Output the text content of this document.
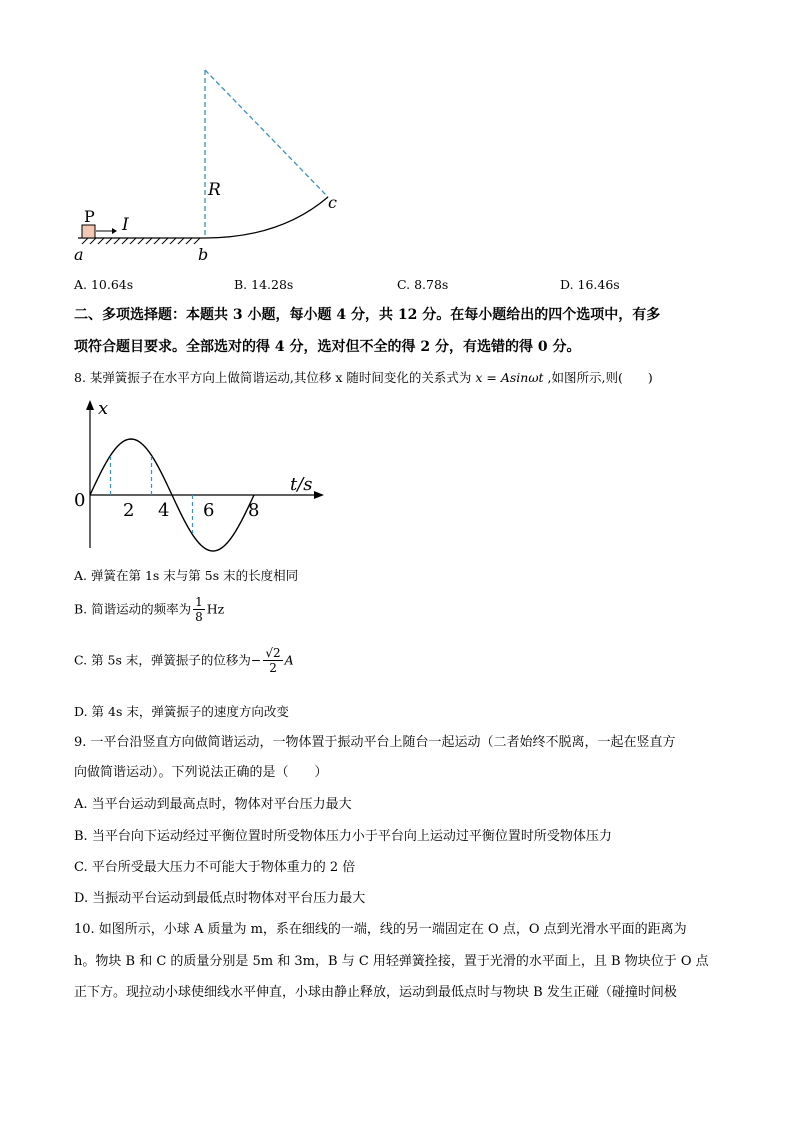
P I
R
a	b
c
A. 10.64s	B. 14.28s	C. 8.78s	D. 16.46s
二、多项选择题：本题共 3 小题，每小题 4 分，共 12 分。在每小题给出的四个选项中，有多
项符合题目要求。全部选对的得 4 分，选对但不全的得 2 分，有选错的得 0 分。
8. 某弹簧振子在水平方向上做简谐运动,其位移 x 随时间变化的关系式为 x = Asinωt ,如图所示,则(　　)
x
t/s
0 2 4 6 8
A. 弹簧在第 1s 末与第 5s 末的长度相同
B. 简谐运动的频率为 $\frac{1}{8}$ Hz
C. 第 5s 末，弹簧振子的位移为− $\frac{√2}{2}$ A
D. 第 4s 末，弹簧振子的速度方向改变
9. 一平台沿竖直方向做简谐运动，一物体置于振动平台上随台一起运动（二者始终不脱离，一起在竖直方
向做简谐运动）。下列说法正确的是（　　）
A. 当平台运动到最高点时，物体对平台压力最大
B. 当平台向下运动经过平衡位置时所受物体压力小于平台向上运动过平衡位置时所受物体压力
C. 平台所受最大压力不可能大于物体重力的 2 倍
D. 当振动平台运动到最低点时物体对平台压力最大
10. 如图所示，小球 A 质量为 m，系在细线的一端，线的另一端固定在 O 点，O 点到光滑水平面的距离为
h。物块 B 和 C 的质量分别是 5m 和 3m，B 与 C 用轻弹簧拴接，置于光滑的水平面上，且 B 物块位于 O 点
正下方。现拉动小球使细线水平伸直，小球由静止释放，运动到最低点时与物块 B 发生正碰（碰撞时间极
